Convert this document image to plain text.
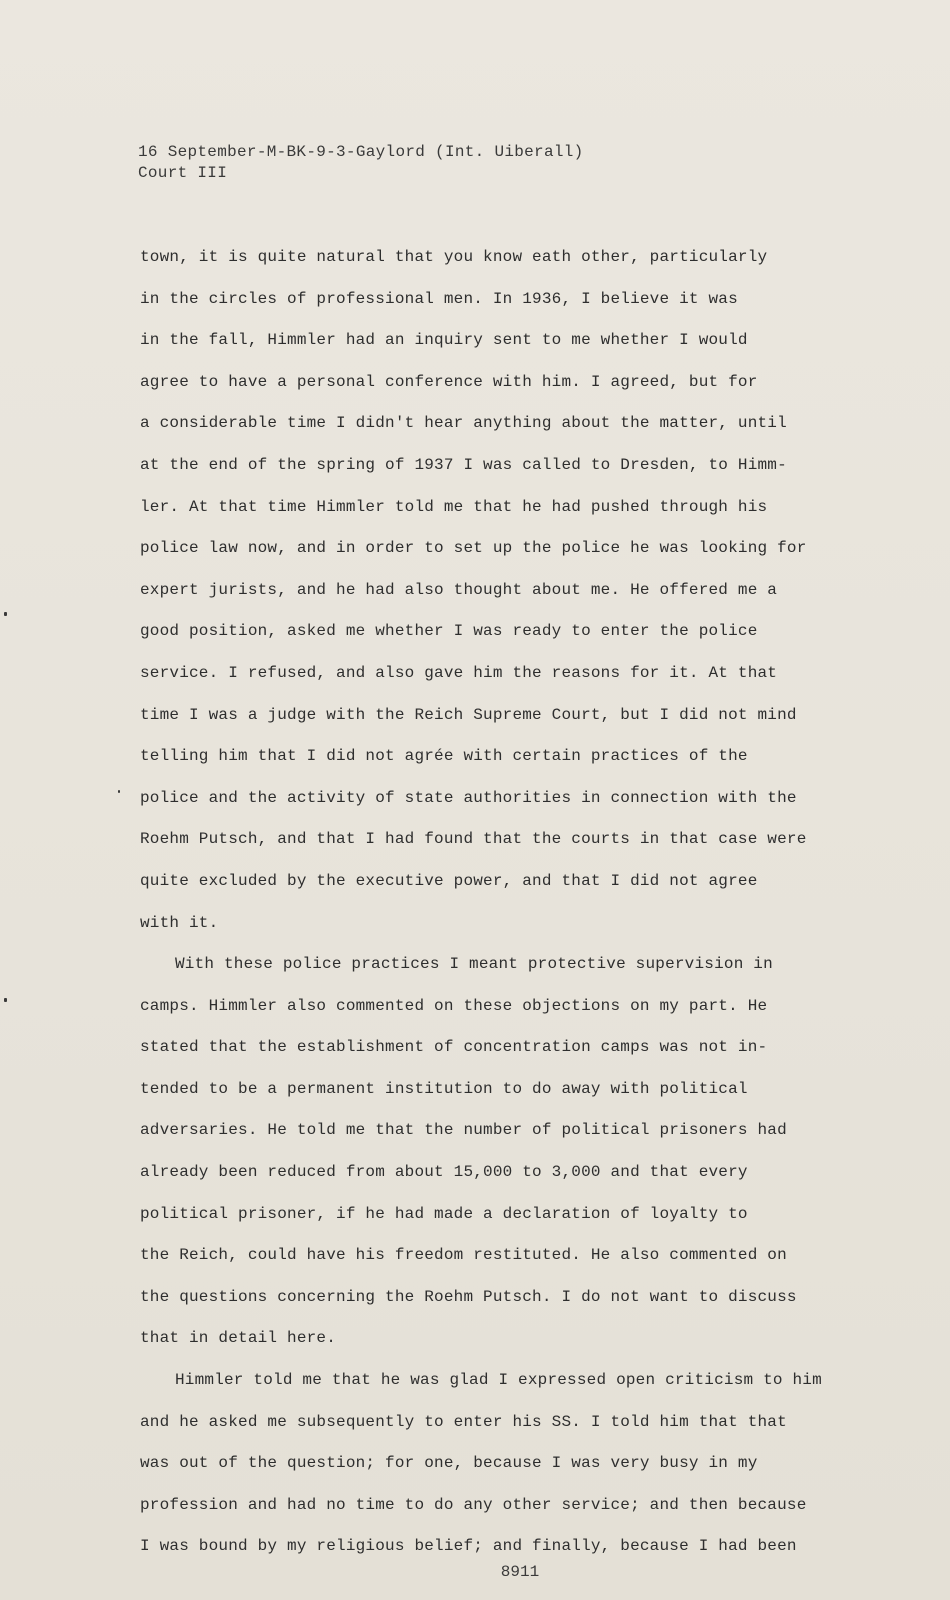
16 September-M-BK-9-3-Gaylord (Int. Uiberall)
Court III
town, it is quite natural that you know eath other, particularly
in the circles of professional men. In 1936, I believe it was
in the fall, Himmler had an inquiry sent to me whether I would
agree to have a personal conference with him. I agreed, but for
a considerable time I didn't hear anything about the matter, until
at the end of the spring of 1937 I was called to Dresden, to Himm-
ler. At that time Himmler told me that he had pushed through his
police law now, and in order to set up the police he was looking for
expert jurists, and he had also thought about me. He offered me a
good position, asked me whether I was ready to enter the police
service. I refused, and also gave him the reasons for it. At that
time I was a judge with the Reich Supreme Court, but I did not mind
telling him that I did not agrée with certain practices of the
police and the activity of state authorities in connection with the
Roehm Putsch, and that I had found that the courts in that case were
quite excluded by the executive power, and that I did not agree
with it.
With these police practices I meant protective supervision in
camps. Himmler also commented on these objections on my part. He
stated that the establishment of concentration camps was not in-
tended to be a permanent institution to do away with political
adversaries. He told me that the number of political prisoners had
already been reduced from about 15,000 to 3,000 and that every
political prisoner, if he had made a declaration of loyalty to
the Reich, could have his freedom restituted. He also commented on
the questions concerning the Roehm Putsch. I do not want to discuss
that in detail here.
Himmler told me that he was glad I expressed open criticism to him
and he asked me subsequently to enter his SS. I told him that that
was out of the question; for one, because I was very busy in my
profession and had no time to do any other service; and then because
I was bound by my religious belief; and finally, because I had been
8911
